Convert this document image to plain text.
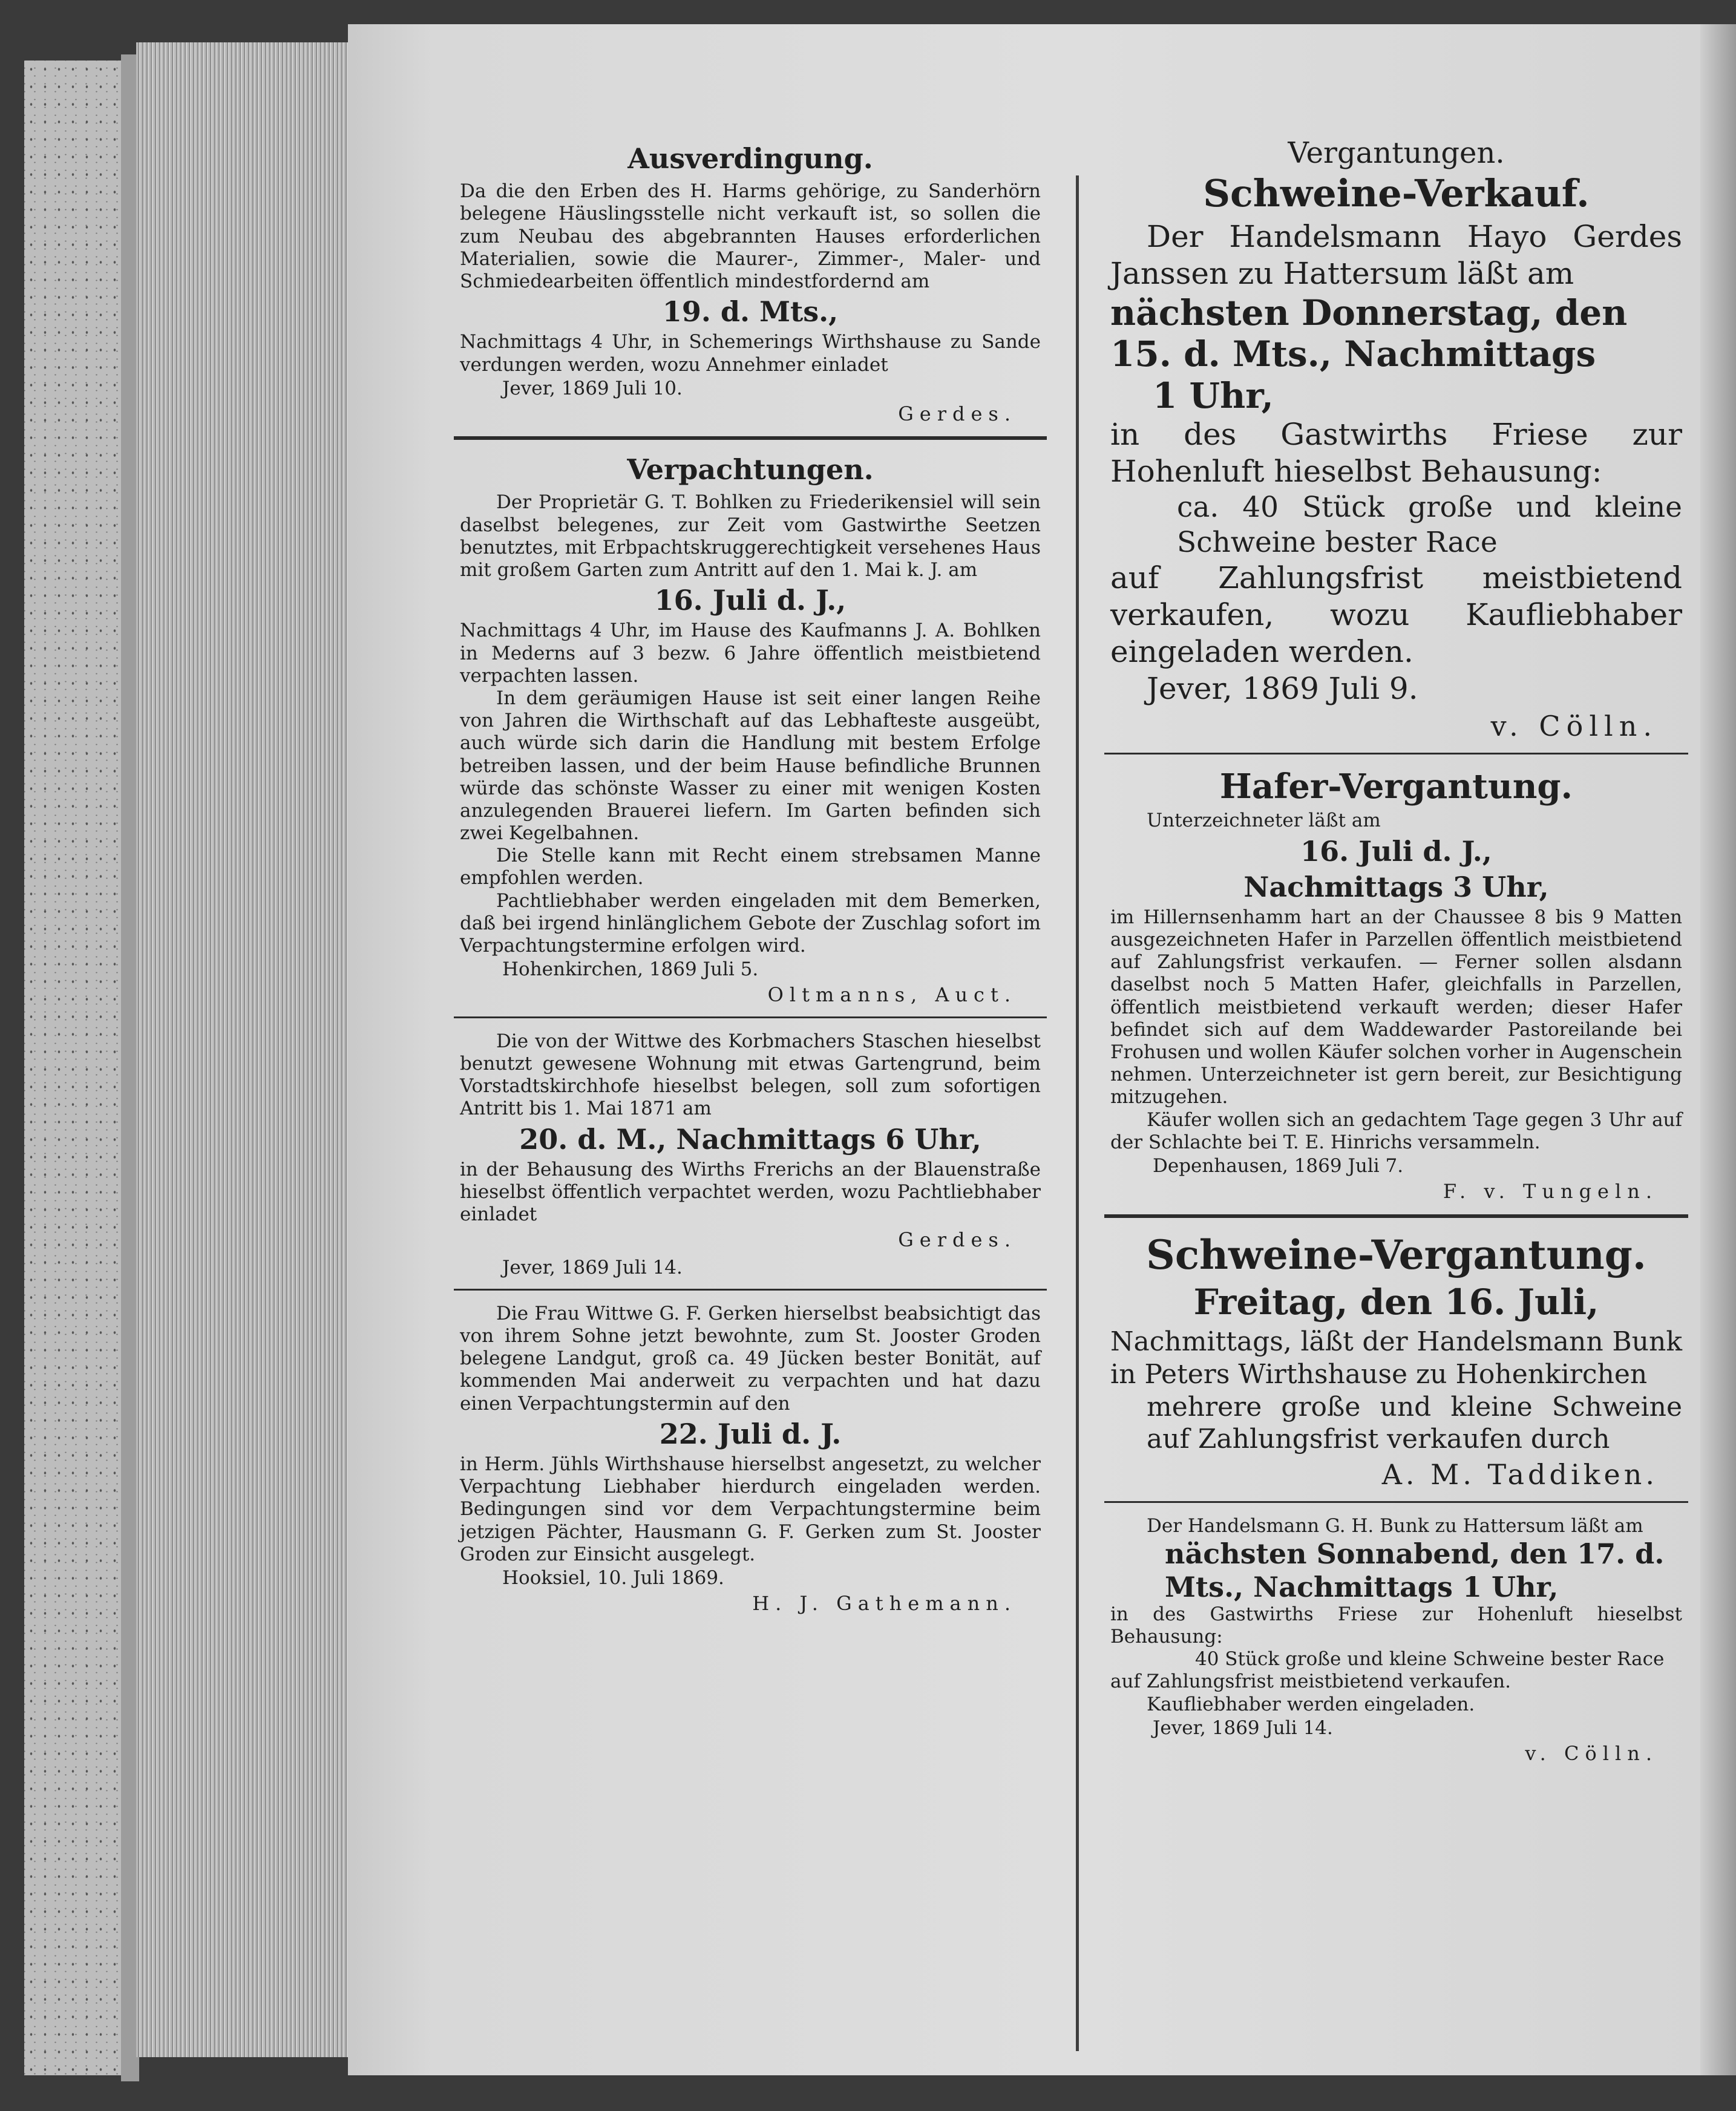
Ausverdingung.

Da die den Erben des H. Harms gehörige, zu Sanderhörn belegene Häuslingsstelle nicht verkauft ist, so sollen die zum Neubau des abgebrannten Hauses erforderlichen Materialien, sowie die Maurer-, Zimmer-, Maler- und Schmiedearbeiten öffentlich mindestfordernd am

19. d. Mts.,

Nachmittags 4 Uhr, in Schemerings Wirthshause zu Sande verdungen werden, wozu Annehmer einladet

Jever, 1869 Juli 10.

Gerdes.

Verpachtungen.

Der Proprietär G. T. Bohlken zu Friederikensiel will sein daselbst belegenes, zur Zeit vom Gastwirthe Seetzen benutztes, mit Erbpachtskruggerechtigkeit versehenes Haus mit großem Garten zum Antritt auf den 1. Mai k. J. am

16. Juli d. J.,

Nachmittags 4 Uhr, im Hause des Kaufmanns J. A. Bohlken in Mederns auf 3 bezw. 6 Jahre öffentlich meistbietend verpachten lassen.

In dem geräumigen Hause ist seit einer langen Reihe von Jahren die Wirthschaft auf das Lebhafteste ausgeübt, auch würde sich darin die Handlung mit bestem Erfolge betreiben lassen, und der beim Hause befindliche Brunnen würde das schönste Wasser zu einer mit wenigen Kosten anzulegenden Brauerei liefern. Im Garten befinden sich zwei Kegelbahnen.

Die Stelle kann mit Recht einem strebsamen Manne empfohlen werden.

Pachtliebhaber werden eingeladen mit dem Bemerken, daß bei irgend hinlänglichem Gebote der Zuschlag sofort im Verpachtungstermine erfolgen wird.

Hohenkirchen, 1869 Juli 5.

Oltmanns, Auct.

Die von der Wittwe des Korbmachers Staschen hieselbst benutzt gewesene Wohnung mit etwas Gartengrund, beim Vorstadtskirchhofe hieselbst belegen, soll zum sofortigen Antritt bis 1. Mai 1871 am

20. d. M., Nachmittags 6 Uhr,

in der Behausung des Wirths Frerichs an der Blauenstraße hieselbst öffentlich verpachtet werden, wozu Pachtliebhaber einladet

Gerdes.

Jever, 1869 Juli 14.

Die Frau Wittwe G. F. Gerken hierselbst beabsichtigt das von ihrem Sohne jetzt bewohnte, zum St. Jooster Groden belegene Landgut, groß ca. 49 Jücken bester Bonität, auf kommenden Mai anderweit zu verpachten und hat dazu einen Verpachtungstermin auf den

22. Juli d. J.

in Herm. Jühls Wirthshause hierselbst angesetzt, zu welcher Verpachtung Liebhaber hierdurch eingeladen werden. Bedingungen sind vor dem Verpachtungstermine beim jetzigen Pächter, Hausmann G. F. Gerken zum St. Jooster Groden zur Einsicht ausgelegt.

Hooksiel, 10. Juli 1869.

H. J. Gathemann.

Vergantungen.
Schweine-Verkauf.

Der Handelsmann Hayo Gerdes Janssen zu Hattersum läßt am

nächsten Donnerstag, den 15. d. Mts., Nachmittags

1 Uhr,

in des Gastwirths Friese zur Hohenluft hieselbst Behausung:

ca. 40 Stück große und kleine Schweine bester Race

auf Zahlungsfrist meistbietend verkaufen, wozu Kaufliebhaber eingeladen werden.

Jever, 1869 Juli 9.

v. Cölln.

Hafer-Vergantung.

Unterzeichneter läßt am

16. Juli d. J.,
Nachmittags 3 Uhr,

im Hillernsenhamm hart an der Chaussee 8 bis 9 Matten ausgezeichneten Hafer in Parzellen öffentlich meistbietend auf Zahlungsfrist verkaufen. — Ferner sollen alsdann daselbst noch 5 Matten Hafer, gleichfalls in Parzellen, öffentlich meistbietend verkauft werden; dieser Hafer befindet sich auf dem Waddewarder Pastoreilande bei Frohusen und wollen Käufer solchen vorher in Augenschein nehmen. Unterzeichneter ist gern bereit, zur Besichtigung mitzugehen.

Käufer wollen sich an gedachtem Tage gegen 3 Uhr auf der Schlachte bei T. E. Hinrichs versammeln.

Depenhausen, 1869 Juli 7.

F. v. Tungeln.

Schweine-Vergantung.
Freitag, den 16. Juli,

Nachmittags, läßt der Handelsmann Bunk in Peters Wirthshause zu Hohenkirchen

mehrere große und kleine Schweine auf Zahlungsfrist verkaufen durch

A. M. Taddiken.

Der Handelsmann G. H. Bunk zu Hattersum läßt am

nächsten Sonnabend, den 17. d. Mts., Nachmittags 1 Uhr,

in des Gastwirths Friese zur Hohenluft hieselbst Behausung:

40 Stück große und kleine Schweine bester Race

auf Zahlungsfrist meistbietend verkaufen.

Kaufliebhaber werden eingeladen.

Jever, 1869 Juli 14.

v. Cölln.
